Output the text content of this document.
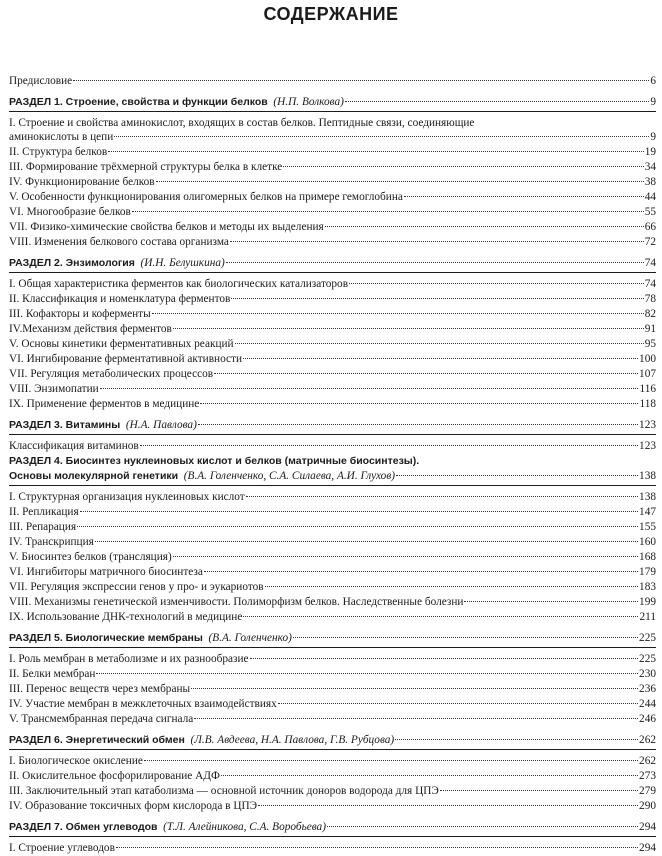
СОДЕРЖАНИЕ
Предисловие	6
РАЗДЕЛ 1. Строение, свойства и функции белков (Н.П. Волкова)	9
I. Строение и свойства аминокислот, входящих в состав белков. Пептидные связи, соединяющие
аминокислоты в цепи	9
II. Структура белков	19
III. Формирование трёхмерной структуры белка в клетке	34
IV. Функционирование белков	38
V. Особенности функционирования олигомерных белков на примере гемоглобина	44
VI. Многообразие белков	55
VII. Физико-химические свойства белков и методы их выделения	66
VIII. Изменения белкового состава организма	72
РАЗДЕЛ 2. Энзимология (И.Н. Белушкина)	74
I. Общая характеристика ферментов как биологических катализаторов	74
II. Классификация и номенклатура ферментов	78
III. Кофакторы и коферменты	82
IV.Механизм действия ферментов	91
V. Основы кинетики ферментативных реакций	95
VI. Ингибирование ферментативной активности	100
VII. Регуляция метаболических процессов	107
VIII. Энзимопатии	116
IX. Применение ферментов в медицине	118
РАЗДЕЛ 3. Витамины (Н.А. Павлова)	123
Классификация витаминов	123
РАЗДЕЛ 4. Биосинтез нуклеиновых кислот и белков (матричные биосинтезы).
Основы молекулярной генетики (В.А. Голенченко, С.А. Силаева, А.И. Глухов)	138
I. Структурная организация нуклеиновых кислот	138
II. Репликация	147
III. Репарация	155
IV. Транскрипция	160
V. Биосинтез белков (трансляция)	168
VI. Ингибиторы матричного биосинтеза	179
VII. Регуляция экспрессии генов у про- и эукариотов	183
VIII. Механизмы генетической изменчивости. Полиморфизм белков. Наследственные болезни	199
IX. Использование ДНК-технологий в медицине	211
РАЗДЕЛ 5. Биологические мембраны (В.А. Голенченко)	225
I. Роль мембран в метаболизме и их разнообразие	225
II. Белки мембран	230
III. Перенос веществ через мембраны	236
IV. Участие мембран в межклеточных взаимодействиях	244
V. Трансмембранная передача сигнала	246
РАЗДЕЛ 6. Энергетический обмен (Л.В. Авдеева, Н.А. Павлова, Г.В. Рубцова)	262
I. Биологическое окисление	262
II. Окислительное фосфорилирование АДФ	273
III. Заключительный этап катаболизма — основной источник доноров водорода для ЦПЭ	279
IV. Образование токсичных форм кислорода в ЦПЭ	290
РАЗДЕЛ 7. Обмен углеводов (Т.Л. Алейникова, С.А. Воробьева)	294
I. Строение углеводов	294
